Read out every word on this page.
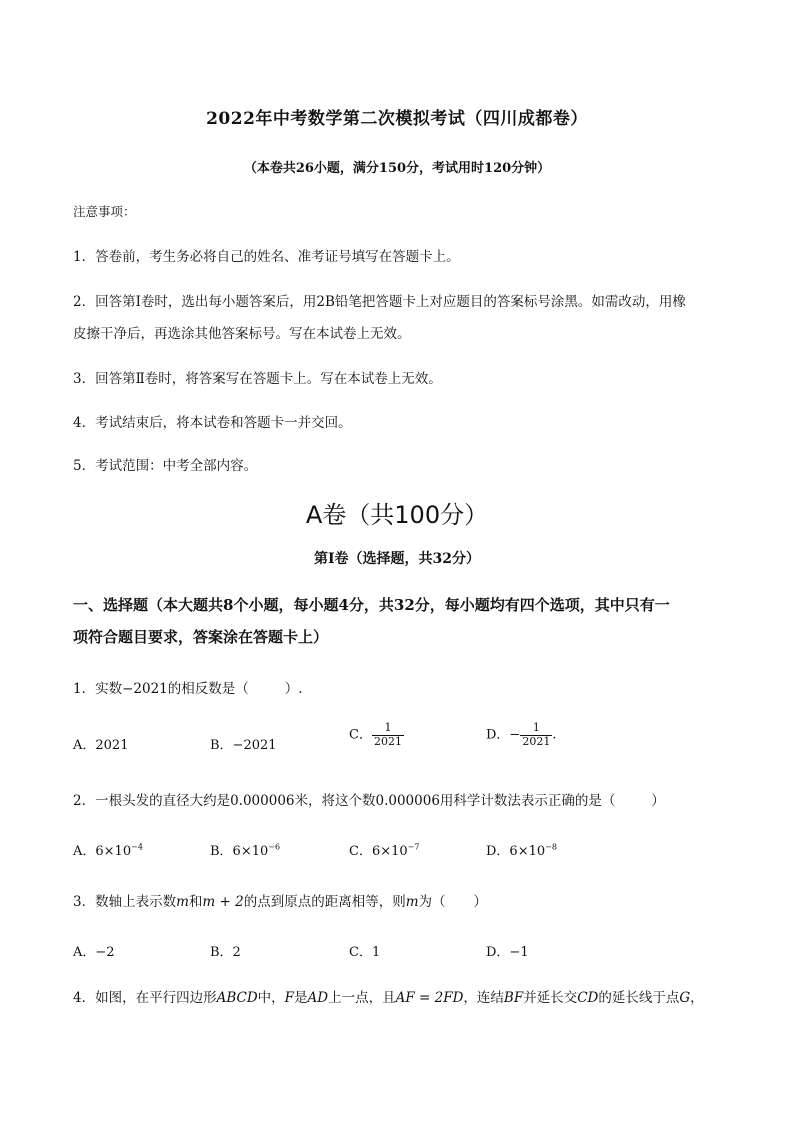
2022年中考数学第二次模拟考试（四川成都卷）
（本卷共26小题，满分150分，考试用时120分钟）
注意事项：
1．答卷前，考生务必将自己的姓名、准考证号填写在答题卡上。
2．回答第Ⅰ卷时，选出每小题答案后，用2B铅笔把答题卡上对应题目的答案标号涂黑。如需改动，用橡
皮擦干净后，再选涂其他答案标号。写在本试卷上无效。
3．回答第Ⅱ卷时，将答案写在答题卡上。写在本试卷上无效。
4．考试结束后，将本试卷和答题卡一并交回。
5．考试范围：中考全部内容。
A卷（共100分）
第Ⅰ卷（选择题，共32分）
一、选择题（本大题共8个小题，每小题4分，共32分，每小题均有四个选项，其中只有一
项符合题目要求，答案涂在答题卡上）
1．实数−2021的相反数是（	）.
A．2021	B．−2021
C． $\frac{1}{2021}$	D．− $\frac{1}{2021}$ .
2．一根头发的直径大约是0.000006米，将这个数0.000006用科学计数法表示正确的是（	）
A．$6\times 10^{-4}$	B．$6\times 10^{-6}$	C．$6\times 10^{-7}$	D．$6\times 10^{-8}$
3．数轴上表示数m和m + 2的点到原点的距离相等，则m为（ ）
A．−2	B．2	C．1	D．−1
4．如图，在平行四边形ABCD中，F是AD上一点，且AF = 2FD，连结BF并延长交CD的延长线于点G，
